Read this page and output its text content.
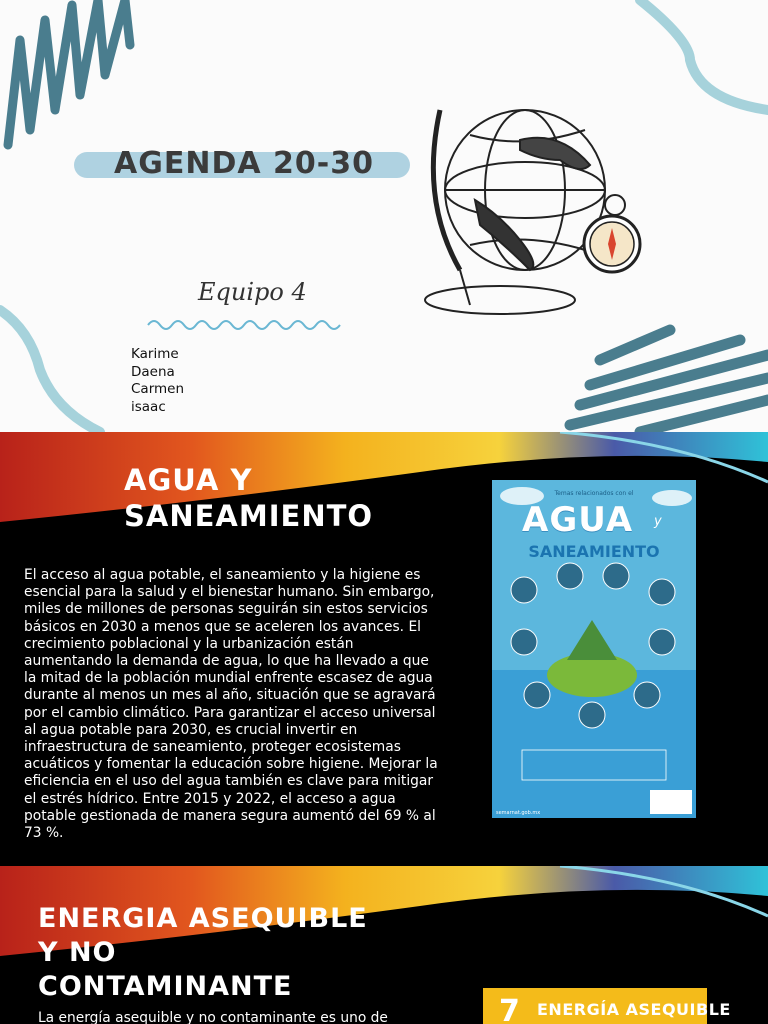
AGENDA 20-30
Equipo 4
Karime
Daena
Carmen
isaac
AGUA Y SANEAMIENTO
El acceso al agua potable, el saneamiento y la higiene es esencial para la salud y el bienestar humano. Sin embargo, miles de millones de personas seguirán sin estos servicios básicos en 2030 a menos que se aceleren los avances. El crecimiento poblacional y la urbanización están aumentando la demanda de agua, lo que ha llevado a que la mitad de la población mundial enfrente escasez de agua durante al menos un mes al año, situación que se agravará por el cambio climático. Para garantizar el acceso universal al agua potable para 2030, es crucial invertir en infraestructura de saneamiento, proteger ecosistemas acuáticos y fomentar la educación sobre higiene. Mejorar la eficiencia en el uso del agua también es clave para mitigar el estrés hídrico. Entre 2015 y 2022, el acceso a agua potable gestionada de manera segura aumentó del 69 % al 73 %.
Temas relacionados con el
AGUA y
SANEAMIENTO
semarnat.gob.mx
ENERGIA ASEQUIBLE Y NO CONTAMINANTE
La energía asequible y no contaminante es uno de	7 ENERGÍA ASEQUIBLE
